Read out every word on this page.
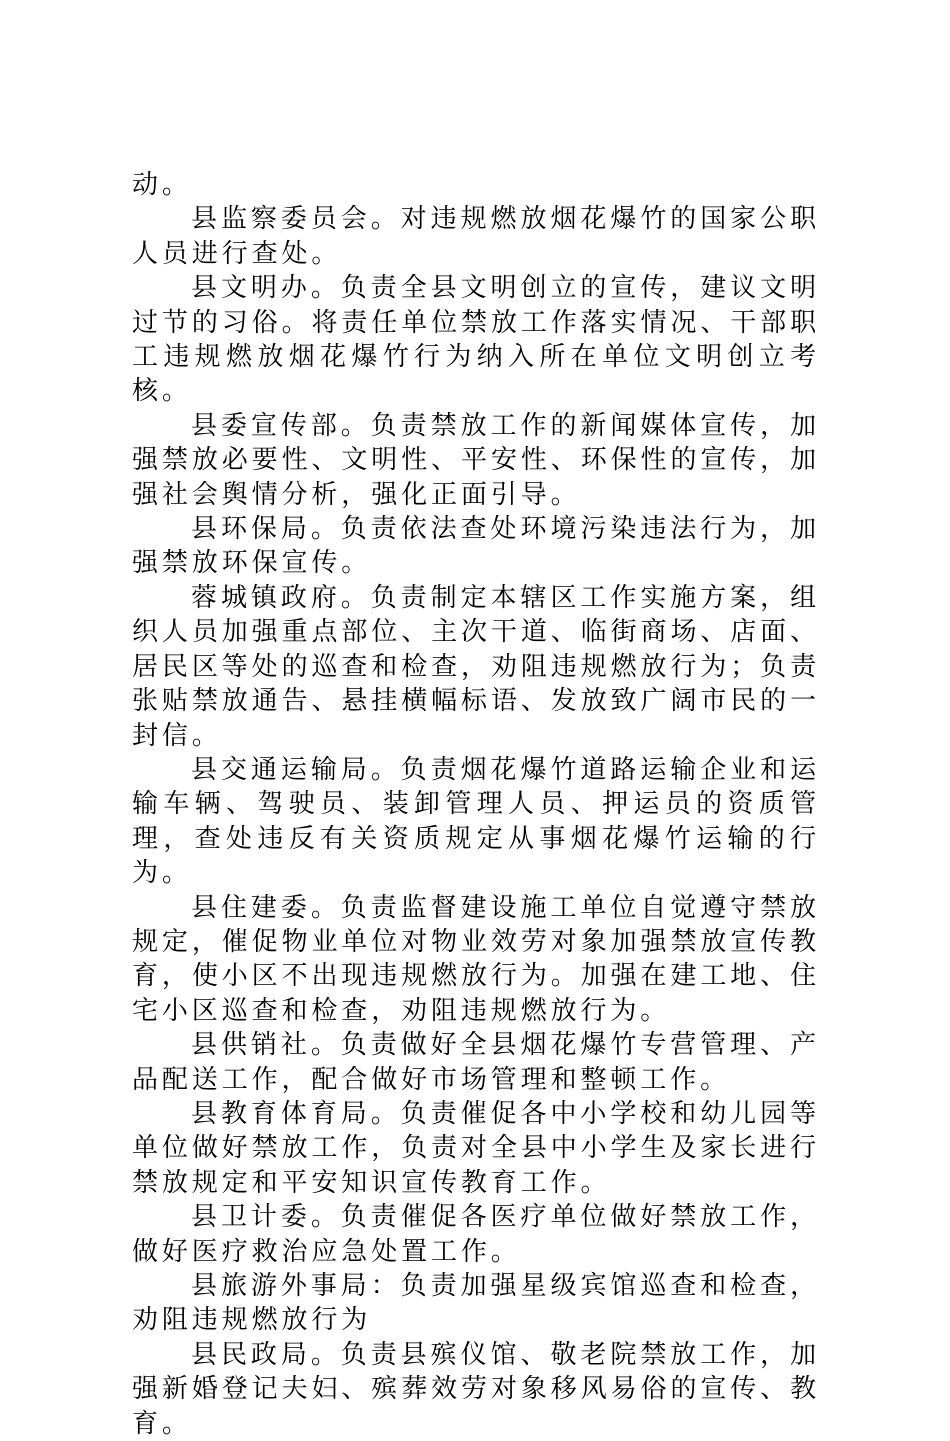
动。

县监察委员会。对违规燃放烟花爆竹的国家公职人员进行查处。

县文明办。负责全县文明创立的宣传，建议文明过节的习俗。将责任单位禁放工作落实情况、干部职工违规燃放烟花爆竹行为纳入所在单位文明创立考核。

县委宣传部。负责禁放工作的新闻媒体宣传，加强禁放必要性、文明性、平安性、环保性的宣传，加强社会舆情分析，强化正面引导。

县环保局。负责依法查处环境污染违法行为，加强禁放环保宣传。

蓉城镇政府。负责制定本辖区工作实施方案，组织人员加强重点部位、主次干道、临街商场、店面、居民区等处的巡查和检查，劝阻违规燃放行为；负责张贴禁放通告、悬挂横幅标语、发放致广阔市民的一封信。

县交通运输局。负责烟花爆竹道路运输企业和运输车辆、驾驶员、装卸管理人员、押运员的资质管理，查处违反有关资质规定从事烟花爆竹运输的行为。

县住建委。负责监督建设施工单位自觉遵守禁放规定，催促物业单位对物业效劳对象加强禁放宣传教育，使小区不出现违规燃放行为。加强在建工地、住宅小区巡查和检查，劝阻违规燃放行为。

县供销社。负责做好全县烟花爆竹专营管理、产品配送工作，配合做好市场管理和整顿工作。

县教育体育局。负责催促各中小学校和幼儿园等单位做好禁放工作，负责对全县中小学生及家长进行禁放规定和平安知识宣传教育工作。

县卫计委。负责催促各医疗单位做好禁放工作，做好医疗救治应急处置工作。

县旅游外事局：负责加强星级宾馆巡查和检查，劝阻违规燃放行为

县民政局。负责县殡仪馆、敬老院禁放工作，加强新婚登记夫妇、殡葬效劳对象移风易俗的宣传、教育。
